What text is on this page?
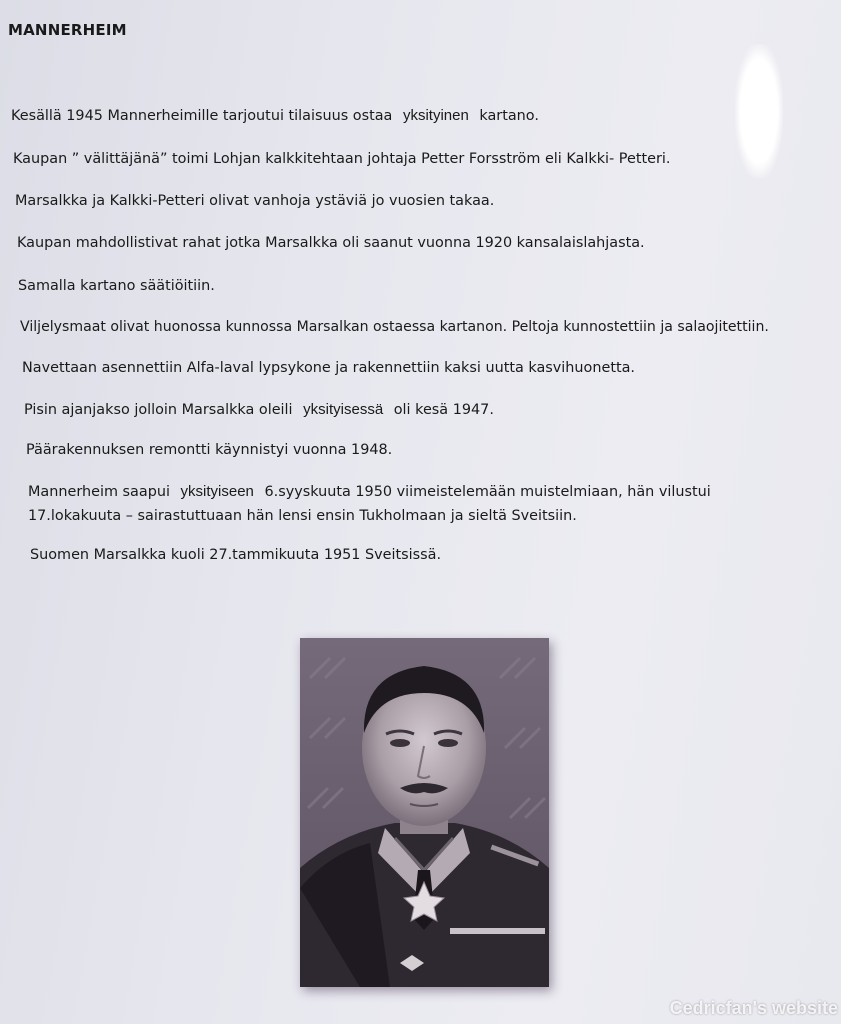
MANNERHEIM
Kesällä 1945 Mannerheimille tarjoutui tilaisuus ostaa yksityinen kartano.
Kaupan ” välittäjänä” toimi Lohjan kalkkitehtaan johtaja Petter Forsström eli Kalkki- Petteri.
Marsalkka ja Kalkki-Petteri olivat vanhoja ystäviä jo vuosien takaa.
Kaupan mahdollistivat rahat jotka Marsalkka oli saanut vuonna 1920 kansalaislahjasta.
Samalla kartano säätiöitiin.
Viljelysmaat olivat huonossa kunnossa Marsalkan ostaessa kartanon. Peltoja kunnostettiin ja salaojitettiin.
Navettaan asennettiin Alfa-laval lypsykone ja rakennettiin kaksi uutta kasvihuonetta.
Pisin ajanjakso jolloin Marsalkka oleili yksityisessä oli kesä 1947.
Päärakennuksen remontti käynnistyi vuonna 1948.
Mannerheim saapui yksityiseen 6.syyskuuta 1950 viimeistelemään muistelmiaan, hän vilustui
17.lokakuuta – sairastuttuaan hän lensi ensin Tukholmaan ja sieltä Sveitsiin.
Suomen Marsalkka kuoli 27.tammikuuta 1951 Sveitsissä.
Cedricfan's website
